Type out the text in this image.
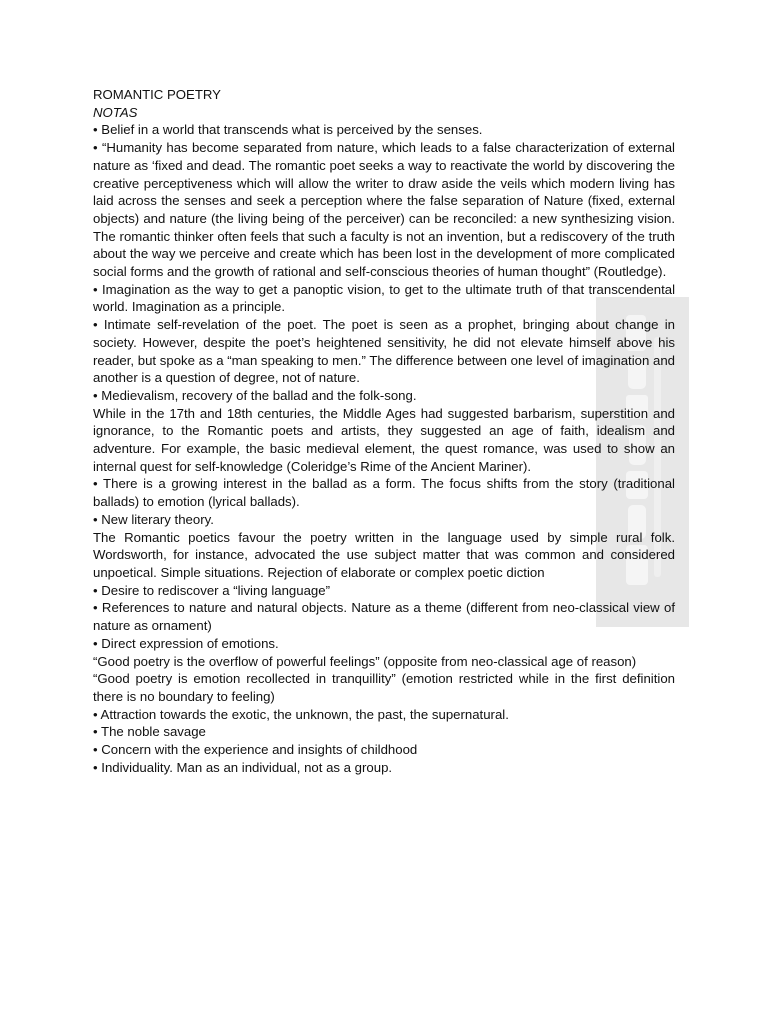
ROMANTIC POETRY

NOTAS

• Belief in a world that transcends what is perceived by the senses.

• “Humanity has become separated from nature, which leads to a false characterization of external nature as ‘fixed and dead. The romantic poet seeks a way to reactivate the world by discovering the creative perceptiveness which will allow the writer to draw aside the veils which modern living has laid across the senses and seek a perception where the false separation of Nature (fixed, external objects) and nature (the living being of the perceiver) can be reconciled: a new synthesizing vision. The romantic thinker often feels that such a faculty is not an invention, but a rediscovery of the truth about the way we perceive and create which has been lost in the development of more complicated social forms and the growth of rational and self-conscious theories of human thought” (Routledge).

• Imagination as the way to get a panoptic vision, to get to the ultimate truth of that transcendental world. Imagination as a principle.

• Intimate self-revelation of the poet. The poet is seen as a prophet, bringing about change in society. However, despite the poet’s heightened sensitivity, he did not elevate himself above his reader, but spoke as a “man speaking to men.” The difference between one level of imagination and another is a question of degree, not of nature.

• Medievalism, recovery of the ballad and the folk-song.

While in the 17th and 18th centuries, the Middle Ages had suggested barbarism, superstition and ignorance, to the Romantic poets and artists, they suggested an age of faith, idealism and adventure. For example, the basic medieval element, the quest romance, was used to show an internal quest for self-knowledge (Coleridge’s Rime of the Ancient Mariner).

• There is a growing interest in the ballad as a form. The focus shifts from the story (traditional ballads) to emotion (lyrical ballads).

• New literary theory.

The Romantic poetics favour the poetry written in the language used by simple rural folk. Wordsworth, for instance, advocated the use subject matter that was common and considered unpoetical. Simple situations. Rejection of elaborate or complex poetic diction

• Desire to rediscover a “living language”

• References to nature and natural objects. Nature as a theme (different from neo-classical view of nature as ornament)

• Direct expression of emotions.

“Good poetry is the overflow of powerful feelings” (opposite from neo-classical age of reason)

“Good poetry is emotion recollected in tranquillity” (emotion restricted while in the first definition there is no boundary to feeling)

• Attraction towards the exotic, the unknown, the past, the supernatural.

• The noble savage

• Concern with the experience and insights of childhood

• Individuality. Man as an individual, not as a group.
